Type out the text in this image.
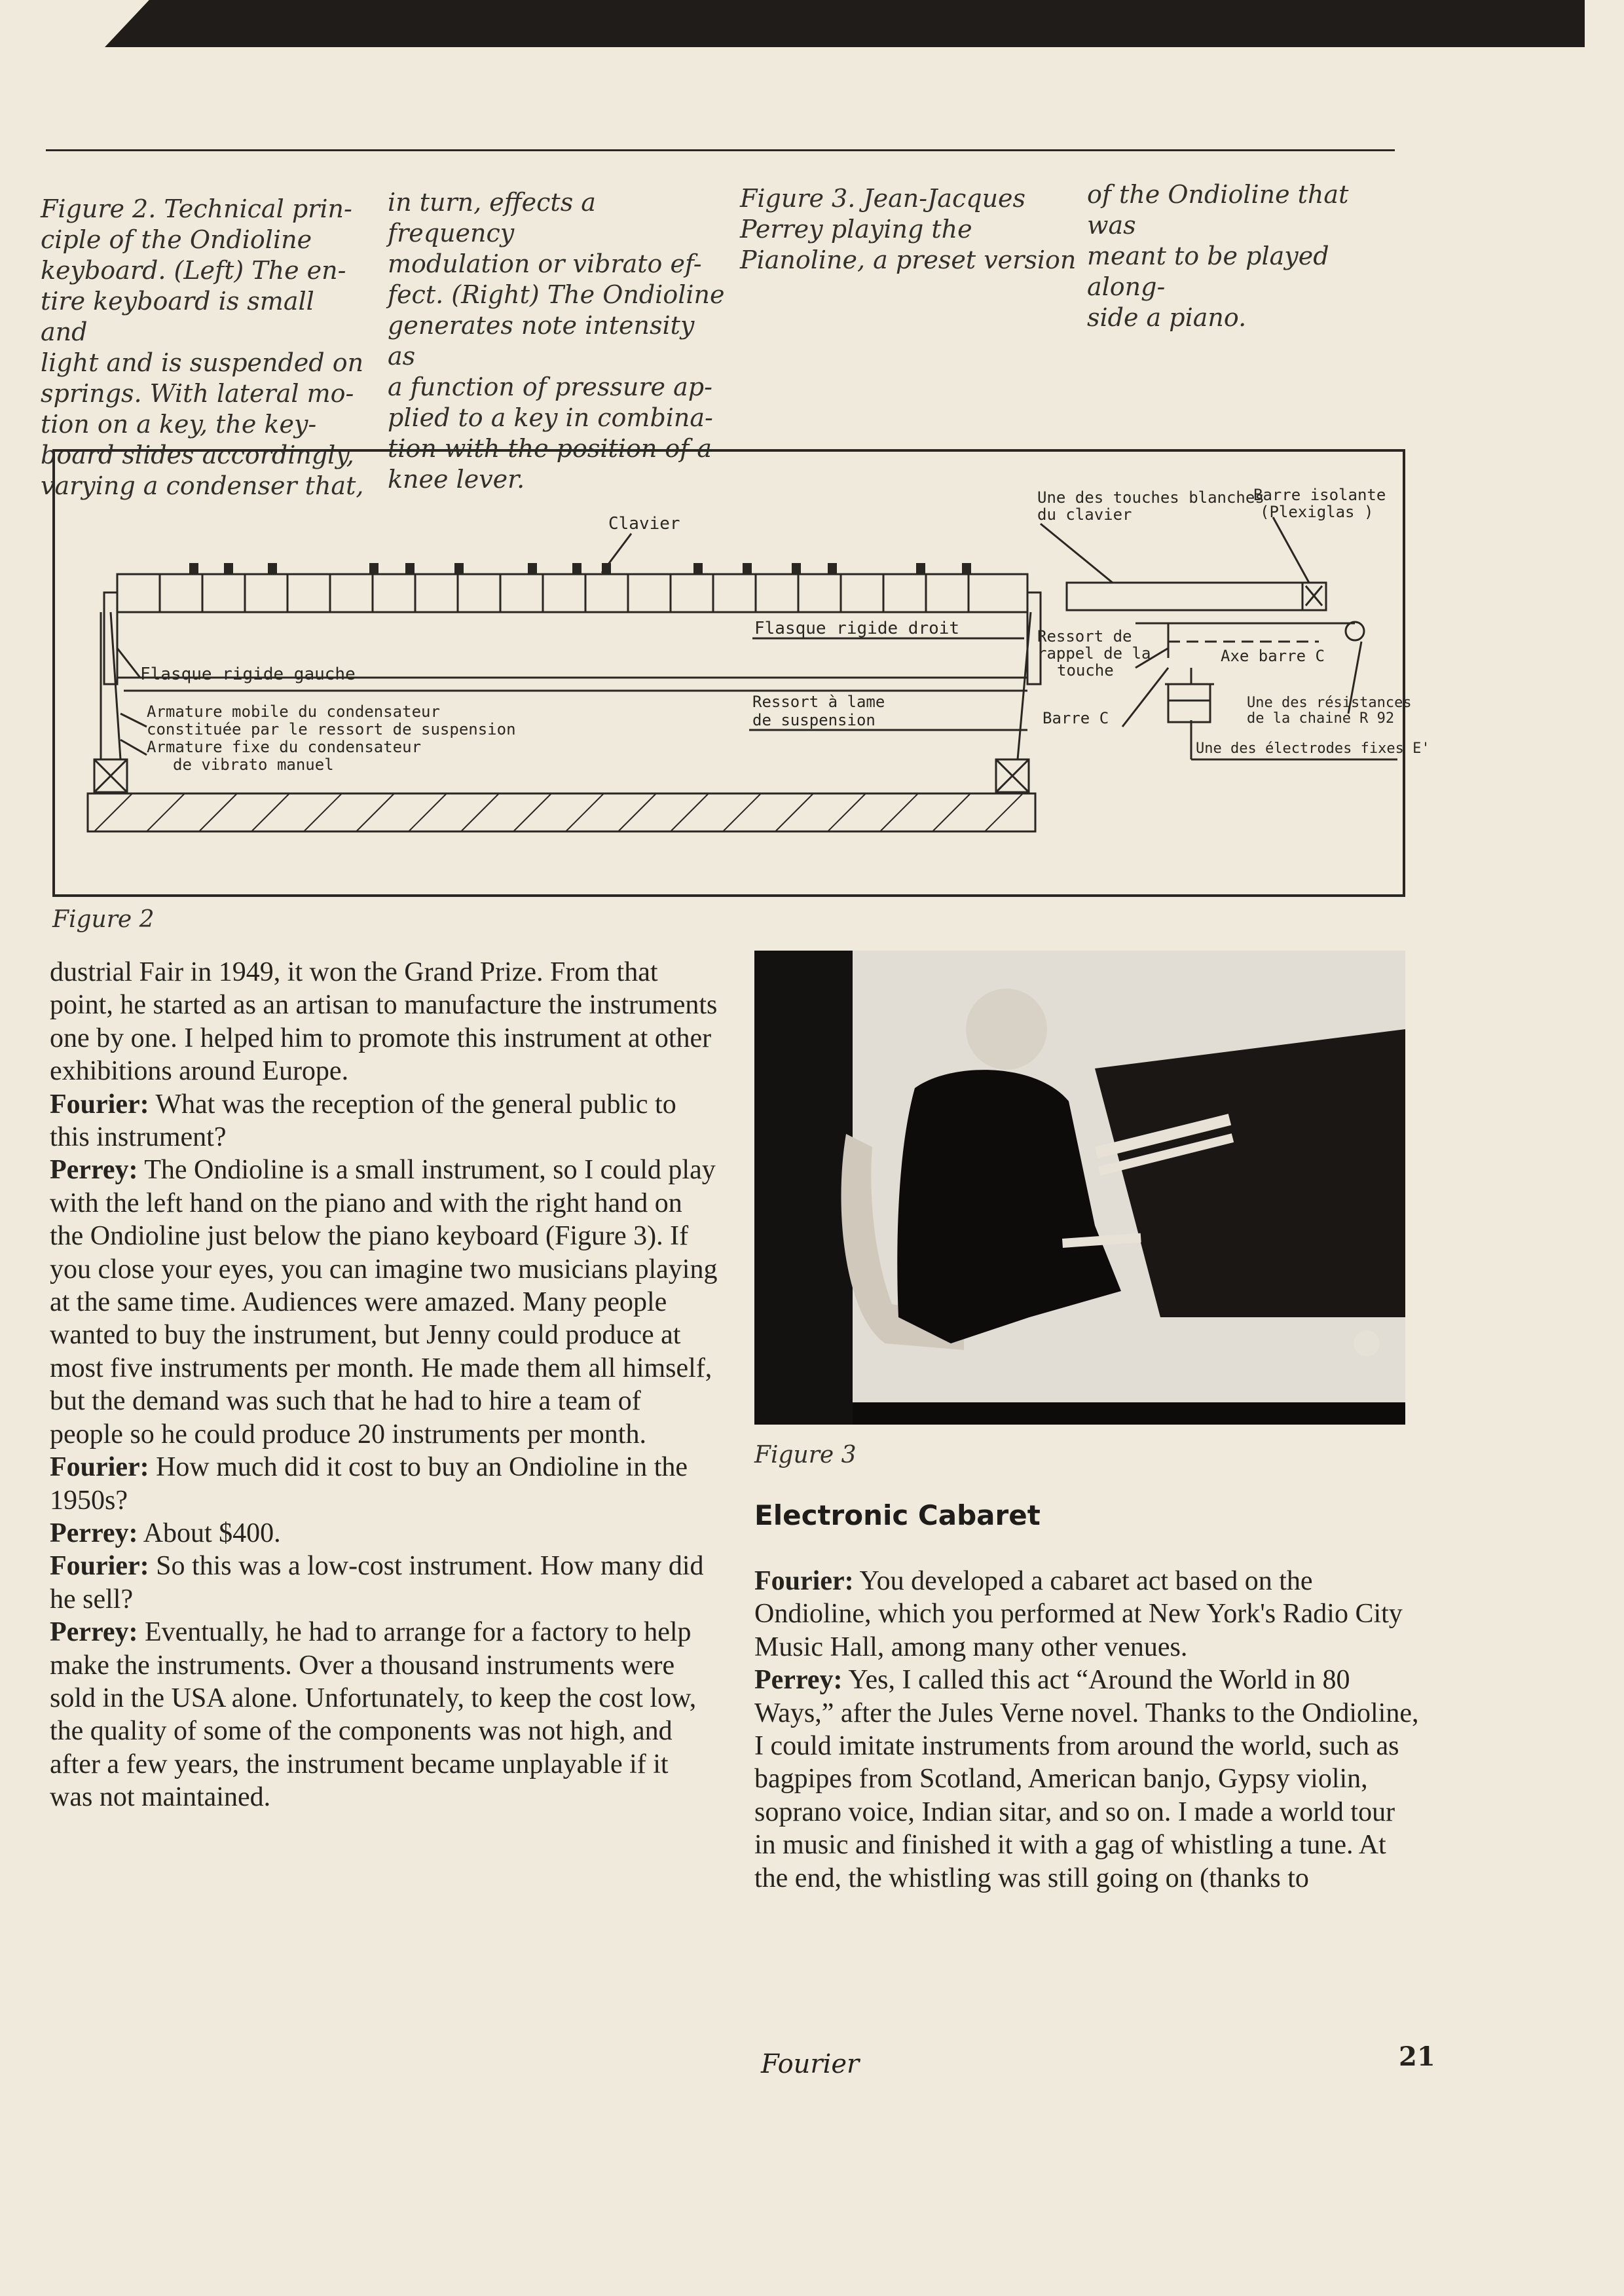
Figure 2. Technical prin-
ciple of the Ondioline
keyboard. (Left) The en-
tire keyboard is small and
light and is suspended on
springs. With lateral mo-
tion on a key, the key-
board slides accordingly,
varying a condenser that,

in turn, effects a frequency
modulation or vibrato ef-
fect. (Right) The Ondioline
generates note intensity as
a function of pressure ap-
plied to a key in combina-
tion with the position of a
knee lever.

Figure 3. Jean-Jacques
Perrey playing the
Pianoline, a preset version

of the Ondioline that was
meant to be played along-
side a piano.

Clavier
Flasque rigide droit
Flasque rigide gauche
Armature mobile du condensateur
constituée par le ressort de suspension
Armature fixe du condensateur
de vibrato manuel
Ressort à lame
de suspension
Une des touches blanches
du clavier
Barre isolante
(Plexiglas )
Ressort de
rappel de la
touche
Axe barre C
Barre C
Une des résistances
de la chaine R 92
Une des électrodes fixes E'

Figure 2

dustrial Fair in 1949, it won the Grand Prize. From that point, he started as an artisan to manufacture the instruments one by one. I helped him to promote this instrument at other exhibitions around Europe.

Fourier: What was the reception of the general public to this instrument?

Perrey: The Ondioline is a small instrument, so I could play with the left hand on the piano and with the right hand on the Ondioline just below the piano keyboard (Figure 3). If you close your eyes, you can imagine two musicians playing at the same time. Audiences were amazed. Many people wanted to buy the instrument, but Jenny could produce at most five instruments per month. He made them all himself, but the demand was such that he had to hire a team of people so he could produce 20 instruments per month.

Fourier: How much did it cost to buy an Ondioline in the 1950s?

Perrey: About $400.

Fourier: So this was a low-cost instrument. How many did he sell?

Perrey: Eventually, he had to arrange for a factory to help make the instruments. Over a thousand instruments were sold in the USA alone. Unfortunately, to keep the cost low, the quality of some of the components was not high, and after a few years, the instrument became unplayable if it was not maintained.

Figure 3

Electronic Cabaret

Fourier: You developed a cabaret act based on the Ondioline, which you performed at New York's Radio City Music Hall, among many other venues.

Perrey: Yes, I called this act “Around the World in 80 Ways,” after the Jules Verne novel. Thanks to the Ondioline, I could imitate instruments from around the world, such as bagpipes from Scotland, American banjo, Gypsy violin, soprano voice, Indian sitar, and so on. I made a world tour in music and finished it with a gag of whistling a tune. At the end, the whistling was still going on (thanks to

Fourier	21
